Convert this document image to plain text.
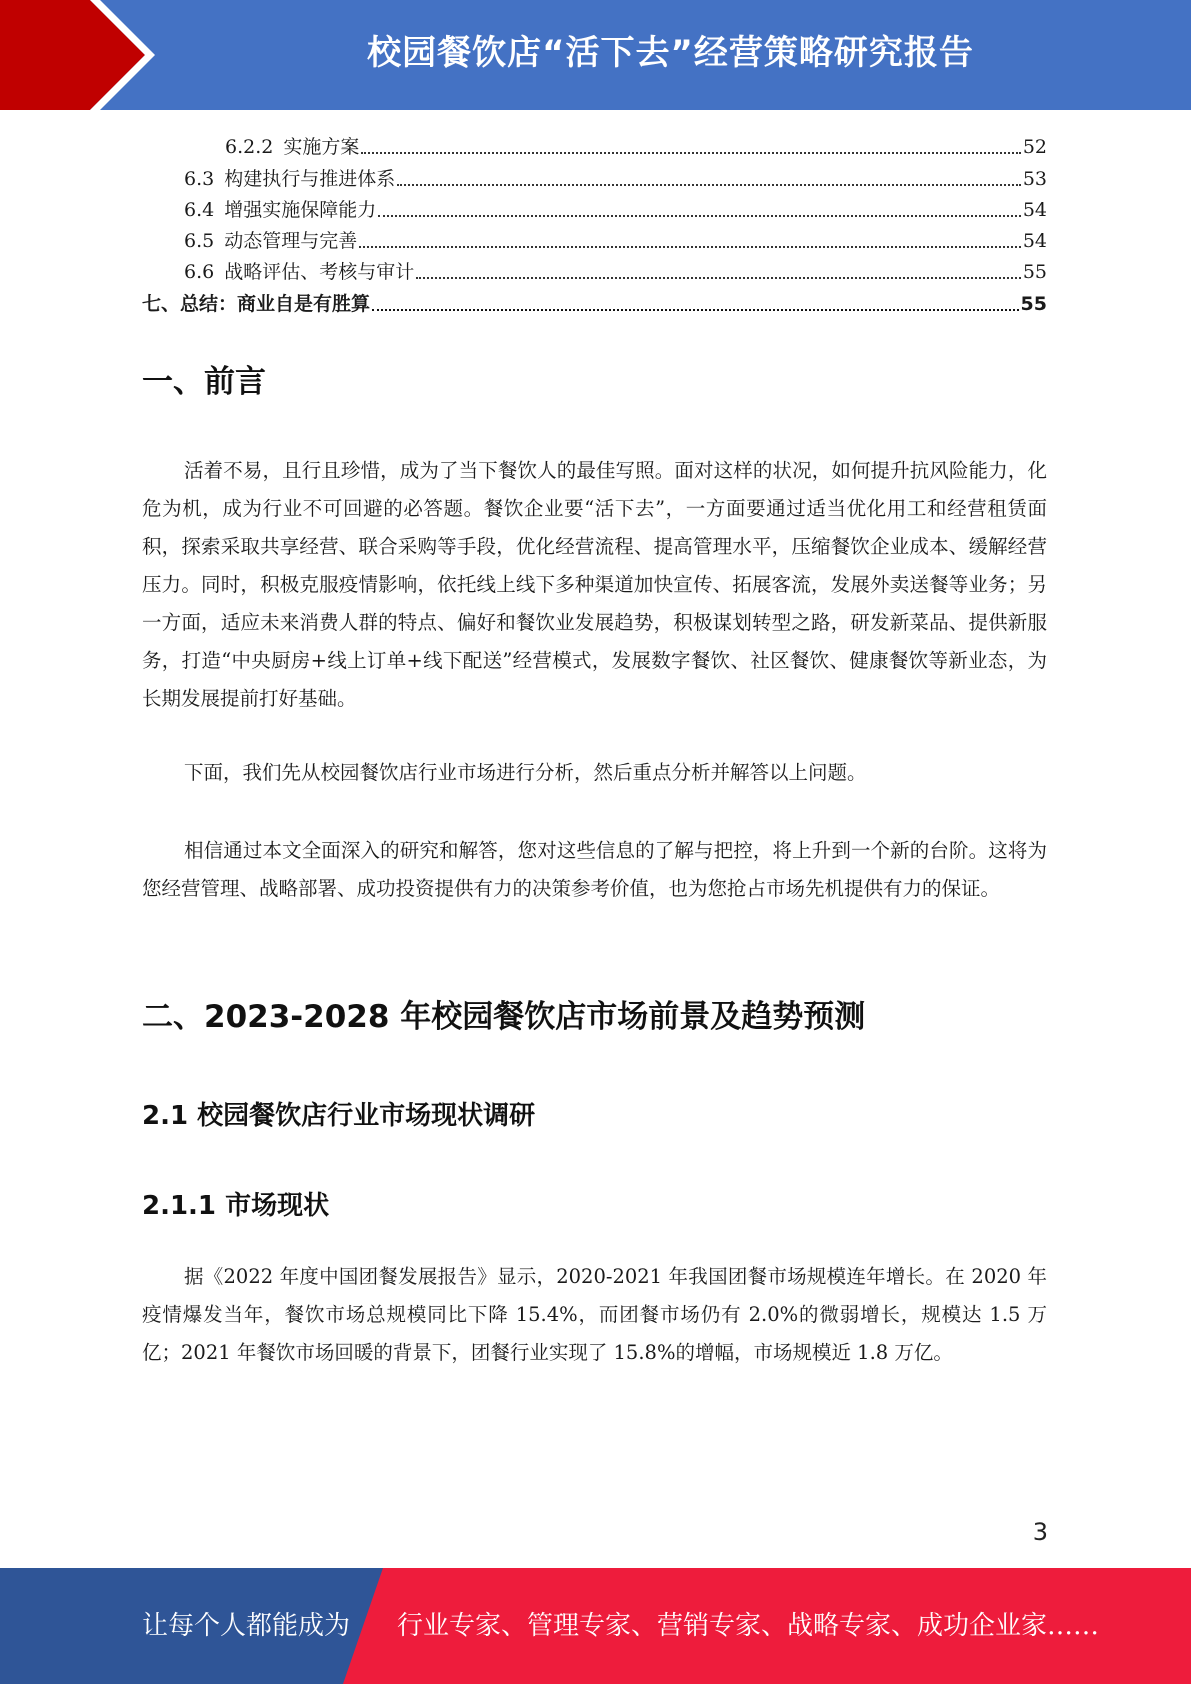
校园餐饮店“活下去”经营策略研究报告
6.2.2 实施方案	52
6.3 构建执行与推进体系	53
6.4 增强实施保障能力	54
6.5 动态管理与完善	54
6.6 战略评估、考核与审计	55
七、总结：商业自是有胜算	55
一、前言

活着不易，且行且珍惜，成为了当下餐饮人的最佳写照。面对这样的状况，如何提升抗风险能力，化危为机，成为行业不可回避的必答题。餐饮企业要“活下去”，一方面要通过适当优化用工和经营租赁面积，探索采取共享经营、联合采购等手段，优化经营流程、提高管理水平，压缩餐饮企业成本、缓解经营压力。同时，积极克服疫情影响，依托线上线下多种渠道加快宣传、拓展客流，发展外卖送餐等业务；另一方面，适应未来消费人群的特点、偏好和餐饮业发展趋势，积极谋划转型之路，研发新菜品、提供新服务，打造“中央厨房+线上订单+线下配送”经营模式，发展数字餐饮、社区餐饮、健康餐饮等新业态，为长期发展提前打好基础。

下面，我们先从校园餐饮店行业市场进行分析，然后重点分析并解答以上问题。

相信通过本文全面深入的研究和解答，您对这些信息的了解与把控，将上升到一个新的台阶。这将为您经营管理、战略部署、成功投资提供有力的决策参考价值，也为您抢占市场先机提供有力的保证。

二、2023-2028 年校园餐饮店市场前景及趋势预测
2.1 校园餐饮店行业市场现状调研
2.1.1 市场现状

据《2022 年度中国团餐发展报告》显示，2020-2021 年我国团餐市场规模连年增长。在 2020 年疫情爆发当年，餐饮市场总规模同比下降 15.4%，而团餐市场仍有 2.0%的微弱增长，规模达 1.5 万亿；2021 年餐饮市场回暖的背景下，团餐行业实现了 15.8%的增幅，市场规模近 1.8 万亿。

3
让每个人都能成为 行业专家、管理专家、营销专家、战略专家、成功企业家……
